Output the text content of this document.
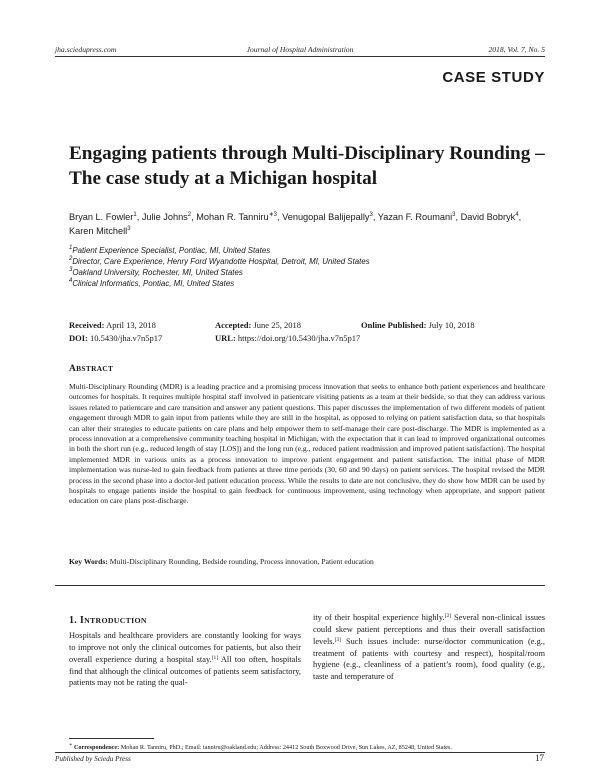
jha.sciedupress.com	Journal of Hospital Administration	2018, Vol. 7, No. 5
CASE STUDY
Engaging patients through Multi-Disciplinary Rounding – The case study at a Michigan hospital
Bryan L. Fowler$^1$, Julie Johns$^2$, Mohan R. Tanniru$^{∗3}$, Venugopal Balijepally$^3$, Yazan F. Roumani$^3$, David Bobryk$^4$, Karen Mitchell$^3$
$^1$Patient Experience Specialist, Pontiac, MI, United States
$^2$Director, Care Experience, Henry Ford Wyandotte Hospital, Detroit, MI, United States
$^3$Oakland University, Rochester, MI, United States
$^4$Clinical Informatics, Pontiac, MI, United States
Received: April 13, 2018	Accepted: June 25, 2018	Online Published: July 10, 2018
DOI: 10.5430/jha.v7n5p17	URL: https://doi.org/10.5430/jha.v7n5p17
ABSTRACT
Multi-Disciplinary Rounding (MDR) is a leading practice and a promising process innovation that seeks to enhance both patient experiences and healthcare outcomes for hospitals. It requires multiple hospital staff involved in patientcare visiting patients as a team at their bedside, so that they can address various issues related to patientcare and care transition and answer any patient questions. This paper discusses the implementation of two different models of patient engagement through MDR to gain input from patients while they are still in the hospital, as opposed to relying on patient satisfaction data, so that hospitals can alter their strategies to educate patients on care plans and help empower them to self-manage their care post-discharge. The MDR is implemented as a process innovation at a comprehensive community teaching hospital in Michigan, with the expectation that it can lead to improved organizational outcomes in both the short run (e.g., reduced length of stay [LOS]) and the long run (e.g., reduced patient readmission and improved patient satisfaction). The hospital implemented MDR in various units as a process innovation to improve patient engagement and patient satisfaction. The initial phase of MDR implementation was nurse-led to gain feedback from patients at three time periods (30, 60 and 90 days) on patient services. The hospital revised the MDR process in the second phase into a doctor-led patient education process. While the results to date are not conclusive, they do show how MDR can be used by hospitals to engage patients inside the hospital to gain feedback for continuous improvement, using technology when appropriate, and support patient education on care plans post-discharge.
Key Words: Multi-Disciplinary Rounding, Bedside rounding, Process innovation, Patient education
1. INTRODUCTION
Hospitals and healthcare providers are constantly looking for ways to improve not only the clinical outcomes for patients, but also their overall experience during a hospital stay.[1] All too often, hospitals find that although the clinical outcomes of patients seem satisfactory, patients may not be rating the qual-
ity of their hospital experience highly.[2] Several non-clinical issues could skew patient perceptions and thus their overall satisfaction levels.[3] Such issues include: nurse/doctor communication (e.g., treatment of patients with courtesy and respect), hospital/room hygiene (e.g., cleanliness of a patient’s room), food quality (e.g., taste and temperature of
∗ Correspondence: Mohan R. Tanniru, PhD.; Email: tanniru@oakland.edu; Address: 24412 South Boxwood Drive, Sun Lakes, AZ, 85248, United States.
Published by Sciedu Press	17
